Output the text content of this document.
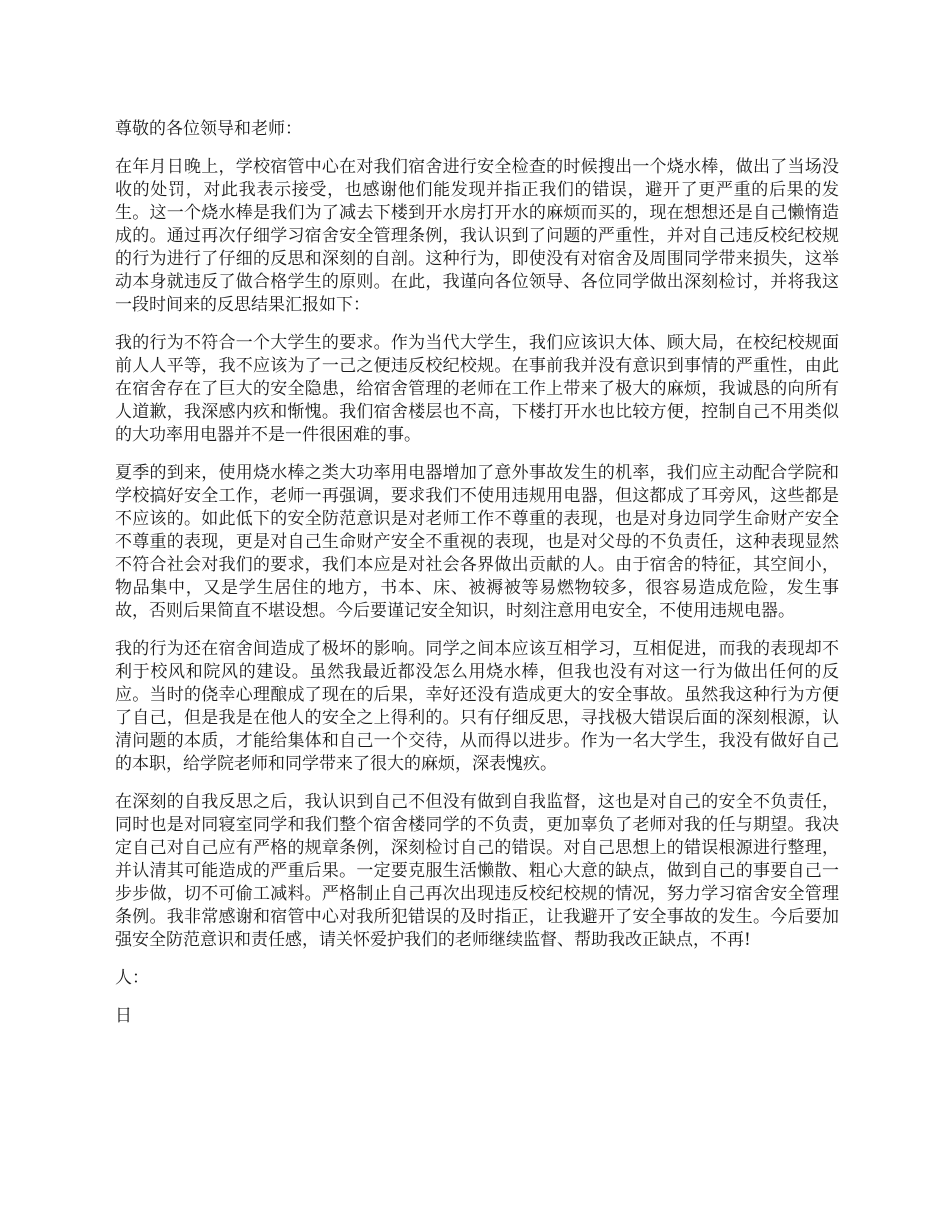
尊敬的各位领导和老师：

在年月日晚上，学校宿管中心在对我们宿舍进行安全检查的时候搜出一个烧水棒，做出了当场没收的处罚，对此我表示接受，也感谢他们能发现并指正我们的错误，避开了更严重的后果的发生。这一个烧水棒是我们为了减去下楼到开水房打开水的麻烦而买的，现在想想还是自己懒惰造成的。通过再次仔细学习宿舍安全管理条例，我认识到了问题的严重性，并对自己违反校纪校规的行为进行了仔细的反思和深刻的自剖。这种行为，即使没有对宿舍及周围同学带来损失，这举动本身就违反了做合格学生的原则。在此，我谨向各位领导、各位同学做出深刻检讨，并将我这一段时间来的反思结果汇报如下：

我的行为不符合一个大学生的要求。作为当代大学生，我们应该识大体、顾大局，在校纪校规面前人人平等，我不应该为了一己之便违反校纪校规。在事前我并没有意识到事情的严重性，由此在宿舍存在了巨大的安全隐患，给宿舍管理的老师在工作上带来了极大的麻烦，我诚恳的向所有人道歉，我深感内疚和惭愧。我们宿舍楼层也不高，下楼打开水也比较方便，控制自己不用类似的大功率用电器并不是一件很困难的事。

夏季的到来，使用烧水棒之类大功率用电器增加了意外事故发生的机率，我们应主动配合学院和学校搞好安全工作，老师一再强调，要求我们不使用违规用电器，但这都成了耳旁风，这些都是不应该的。如此低下的安全防范意识是对老师工作不尊重的表现，也是对身边同学生命财产安全不尊重的表现，更是对自己生命财产安全不重视的表现，也是对父母的不负责任，这种表现显然不符合社会对我们的要求，我们本应是对社会各界做出贡献的人。由于宿舍的特征，其空间小，物品集中，又是学生居住的地方，书本、床、被褥被等易燃物较多，很容易造成危险，发生事故，否则后果简直不堪设想。今后要谨记安全知识，时刻注意用电安全，不使用违规电器。

我的行为还在宿舍间造成了极坏的影响。同学之间本应该互相学习，互相促进，而我的表现却不利于校风和院风的建设。虽然我最近都没怎么用烧水棒，但我也没有对这一行为做出任何的反应。当时的侥幸心理酿成了现在的后果，幸好还没有造成更大的安全事故。虽然我这种行为方便了自己，但是我是在他人的安全之上得利的。只有仔细反思，寻找极大错误后面的深刻根源，认清问题的本质，才能给集体和自己一个交待，从而得以进步。作为一名大学生，我没有做好自己的本职，给学院老师和同学带来了很大的麻烦，深表愧疚。

在深刻的自我反思之后，我认识到自己不但没有做到自我监督，这也是对自己的安全不负责任，同时也是对同寝室同学和我们整个宿舍楼同学的不负责，更加辜负了老师对我的任与期望。我决定自己对自己应有严格的规章条例，深刻检讨自己的错误。对自己思想上的错误根源进行整理，并认清其可能造成的严重后果。一定要克服生活懒散、粗心大意的缺点，做到自己的事要自己一步步做，切不可偷工减料。严格制止自己再次出现违反校纪校规的情况，努力学习宿舍安全管理条例。我非常感谢和宿管中心对我所犯错误的及时指正，让我避开了安全事故的发生。今后要加强安全防范意识和责任感，请关怀爱护我们的老师继续监督、帮助我改正缺点，不再!

人：

日
